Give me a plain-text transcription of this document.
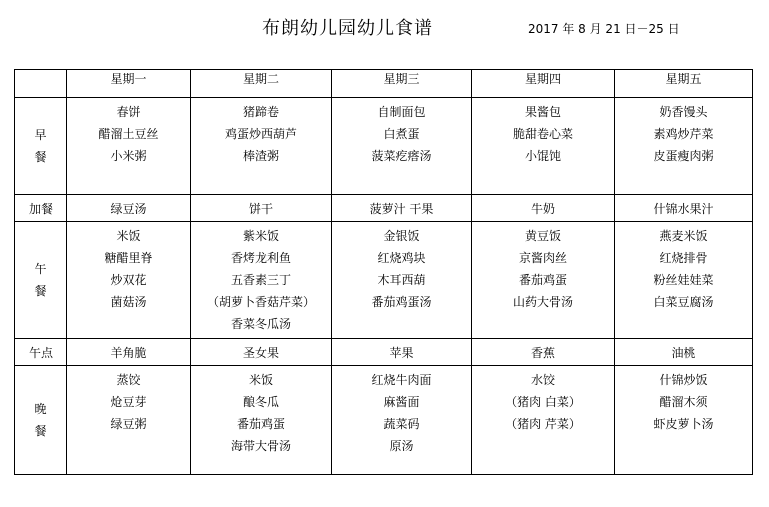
布朗幼儿园幼儿食谱	2017 年 8 月 21 日－25 日
	星期一	星期二	星期三	星期四	星期五

早
餐	春饼
醋溜土豆丝
小米粥	猪蹄卷
鸡蛋炒西葫芦
棒渣粥	自制面包
白煮蛋
菠菜疙瘩汤	果酱包
脆甜卷心菜
小馄饨	奶香馒头
素鸡炒芹菜
皮蛋瘦肉粥

加餐	绿豆汤	饼干	菠萝汁 干果	牛奶	什锦水果汁

午
餐	米饭
糖醋里脊
炒双花
菌菇汤	紫米饭
香烤龙利鱼
五香素三丁
（胡萝卜香菇芹菜）
香菜冬瓜汤	金银饭
红烧鸡块
木耳西葫
番茄鸡蛋汤	黄豆饭
京酱肉丝
番茄鸡蛋
山药大骨汤	燕麦米饭
红烧排骨
粉丝娃娃菜
白菜豆腐汤

午点	羊角脆	圣女果	苹果	香蕉	油桃

晚
餐	蒸饺
炝豆芽
绿豆粥	米饭
酿冬瓜
番茄鸡蛋
海带大骨汤	红烧牛肉面
麻酱面
蔬菜码
原汤	水饺
（猪肉 白菜）
（猪肉 芹菜）	什锦炒饭
醋溜木须
虾皮萝卜汤
